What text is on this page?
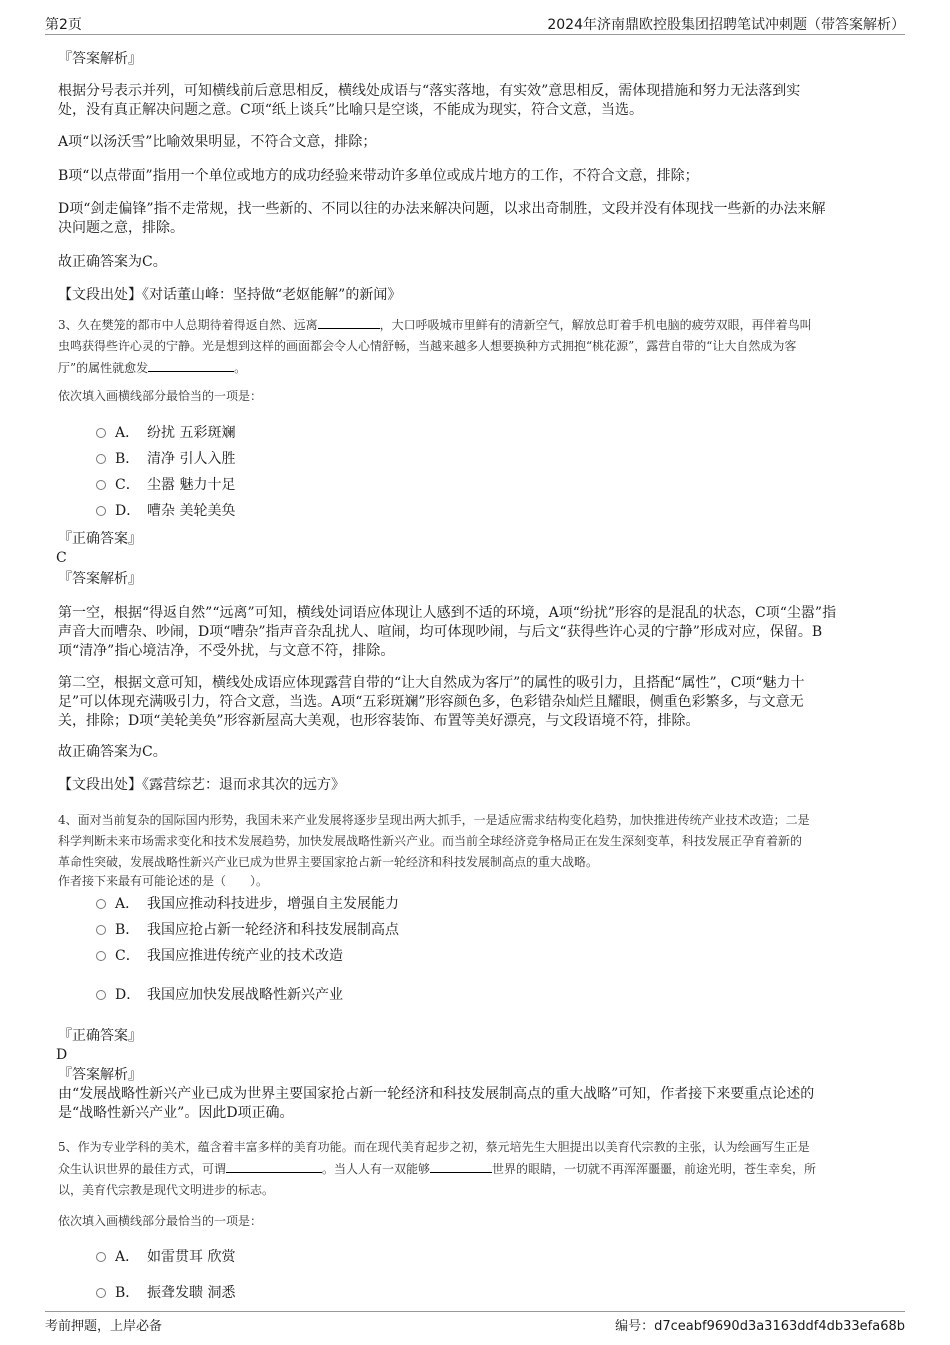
第2页	2024年济南鼎欧控股集团招聘笔试冲刺题（带答案解析）
『答案解析』
根据分号表示并列，可知横线前后意思相反，横线处成语与“落实落地，有实效”意思相反，需体现措施和努力无法落到实
处，没有真正解决问题之意。C项“纸上谈兵”比喻只是空谈，不能成为现实，符合文意，当选。
A项“以汤沃雪”比喻效果明显，不符合文意，排除；
B项“以点带面”指用一个单位或地方的成功经验来带动许多单位或成片地方的工作，不符合文意，排除；
D项“剑走偏锋”指不走常规，找一些新的、不同以往的办法来解决问题，以求出奇制胜，文段并没有体现找一些新的办法来解
决问题之意，排除。
故正确答案为C。
【文段出处】《对话董山峰：坚持做“老妪能解”的新闻》
3、久在樊笼的都市中人总期待着得返自然、远离	，大口呼吸城市里鲜有的清新空气，解放总盯着手机电脑的疲劳双眼，再伴着鸟叫
虫鸣获得些许心灵的宁静。光是想到这样的画面都会令人心情舒畅，当越来越多人想要换种方式拥抱“桃花源”，露营自带的“让大自然成为客
厅”的属性就愈发	。
依次填入画横线部分最恰当的一项是：
A． 纷扰 五彩斑斓
B． 清净 引人入胜
C． 尘嚣 魅力十足
D． 嘈杂 美轮美奂
『正确答案』
C
『答案解析』
第一空，根据“得返自然”“远离”可知，横线处词语应体现让人感到不适的环境，A项“纷扰”形容的是混乱的状态，C项“尘嚣”指
声音大而嘈杂、吵闹，D项“嘈杂”指声音杂乱扰人、喧闹，均可体现吵闹，与后文“获得些许心灵的宁静”形成对应，保留。B
项“清净”指心境洁净，不受外扰，与文意不符，排除。
第二空，根据文意可知，横线处成语应体现露营自带的“让大自然成为客厅”的属性的吸引力，且搭配“属性”，C项“魅力十
足”可以体现充满吸引力，符合文意，当选。A项“五彩斑斓”形容颜色多，色彩错杂灿烂且耀眼，侧重色彩繁多，与文意无
关，排除；D项“美轮美奂”形容新屋高大美观，也形容装饰、布置等美好漂亮，与文段语境不符，排除。
故正确答案为C。
【文段出处】《露营综艺：退而求其次的远方》
4、面对当前复杂的国际国内形势，我国未来产业发展将逐步呈现出两大抓手，一是适应需求结构变化趋势，加快推进传统产业技术改造；二是
科学判断未来市场需求变化和技术发展趋势，加快发展战略性新兴产业。而当前全球经济竞争格局正在发生深刻变革，科技发展正孕育着新的
革命性突破，发展战略性新兴产业已成为世界主要国家抢占新一轮经济和科技发展制高点的重大战略。
作者接下来最有可能论述的是（　　）。
A． 我国应推动科技进步，增强自主发展能力
B． 我国应抢占新一轮经济和科技发展制高点
C． 我国应推进传统产业的技术改造
D． 我国应加快发展战略性新兴产业
『正确答案』
D
『答案解析』
由“发展战略性新兴产业已成为世界主要国家抢占新一轮经济和科技发展制高点的重大战略”可知，作者接下来要重点论述的
是“战略性新兴产业”。因此D项正确。
5、作为专业学科的美术，蕴含着丰富多样的美育功能。而在现代美育起步之初，蔡元培先生大胆提出以美育代宗教的主张，认为绘画写生正是
众生认识世界的最佳方式，可谓	。当人人有一双能够	世界的眼睛，一切就不再浑浑噩噩，前途光明，苍生幸矣，所
以，美育代宗教是现代文明进步的标志。
依次填入画横线部分最恰当的一项是：
A． 如雷贯耳 欣赏
B． 振聋发聩 洞悉
考前押题，上岸必备	编号：d7ceabf9690d3a3163ddf4db33efa68b
